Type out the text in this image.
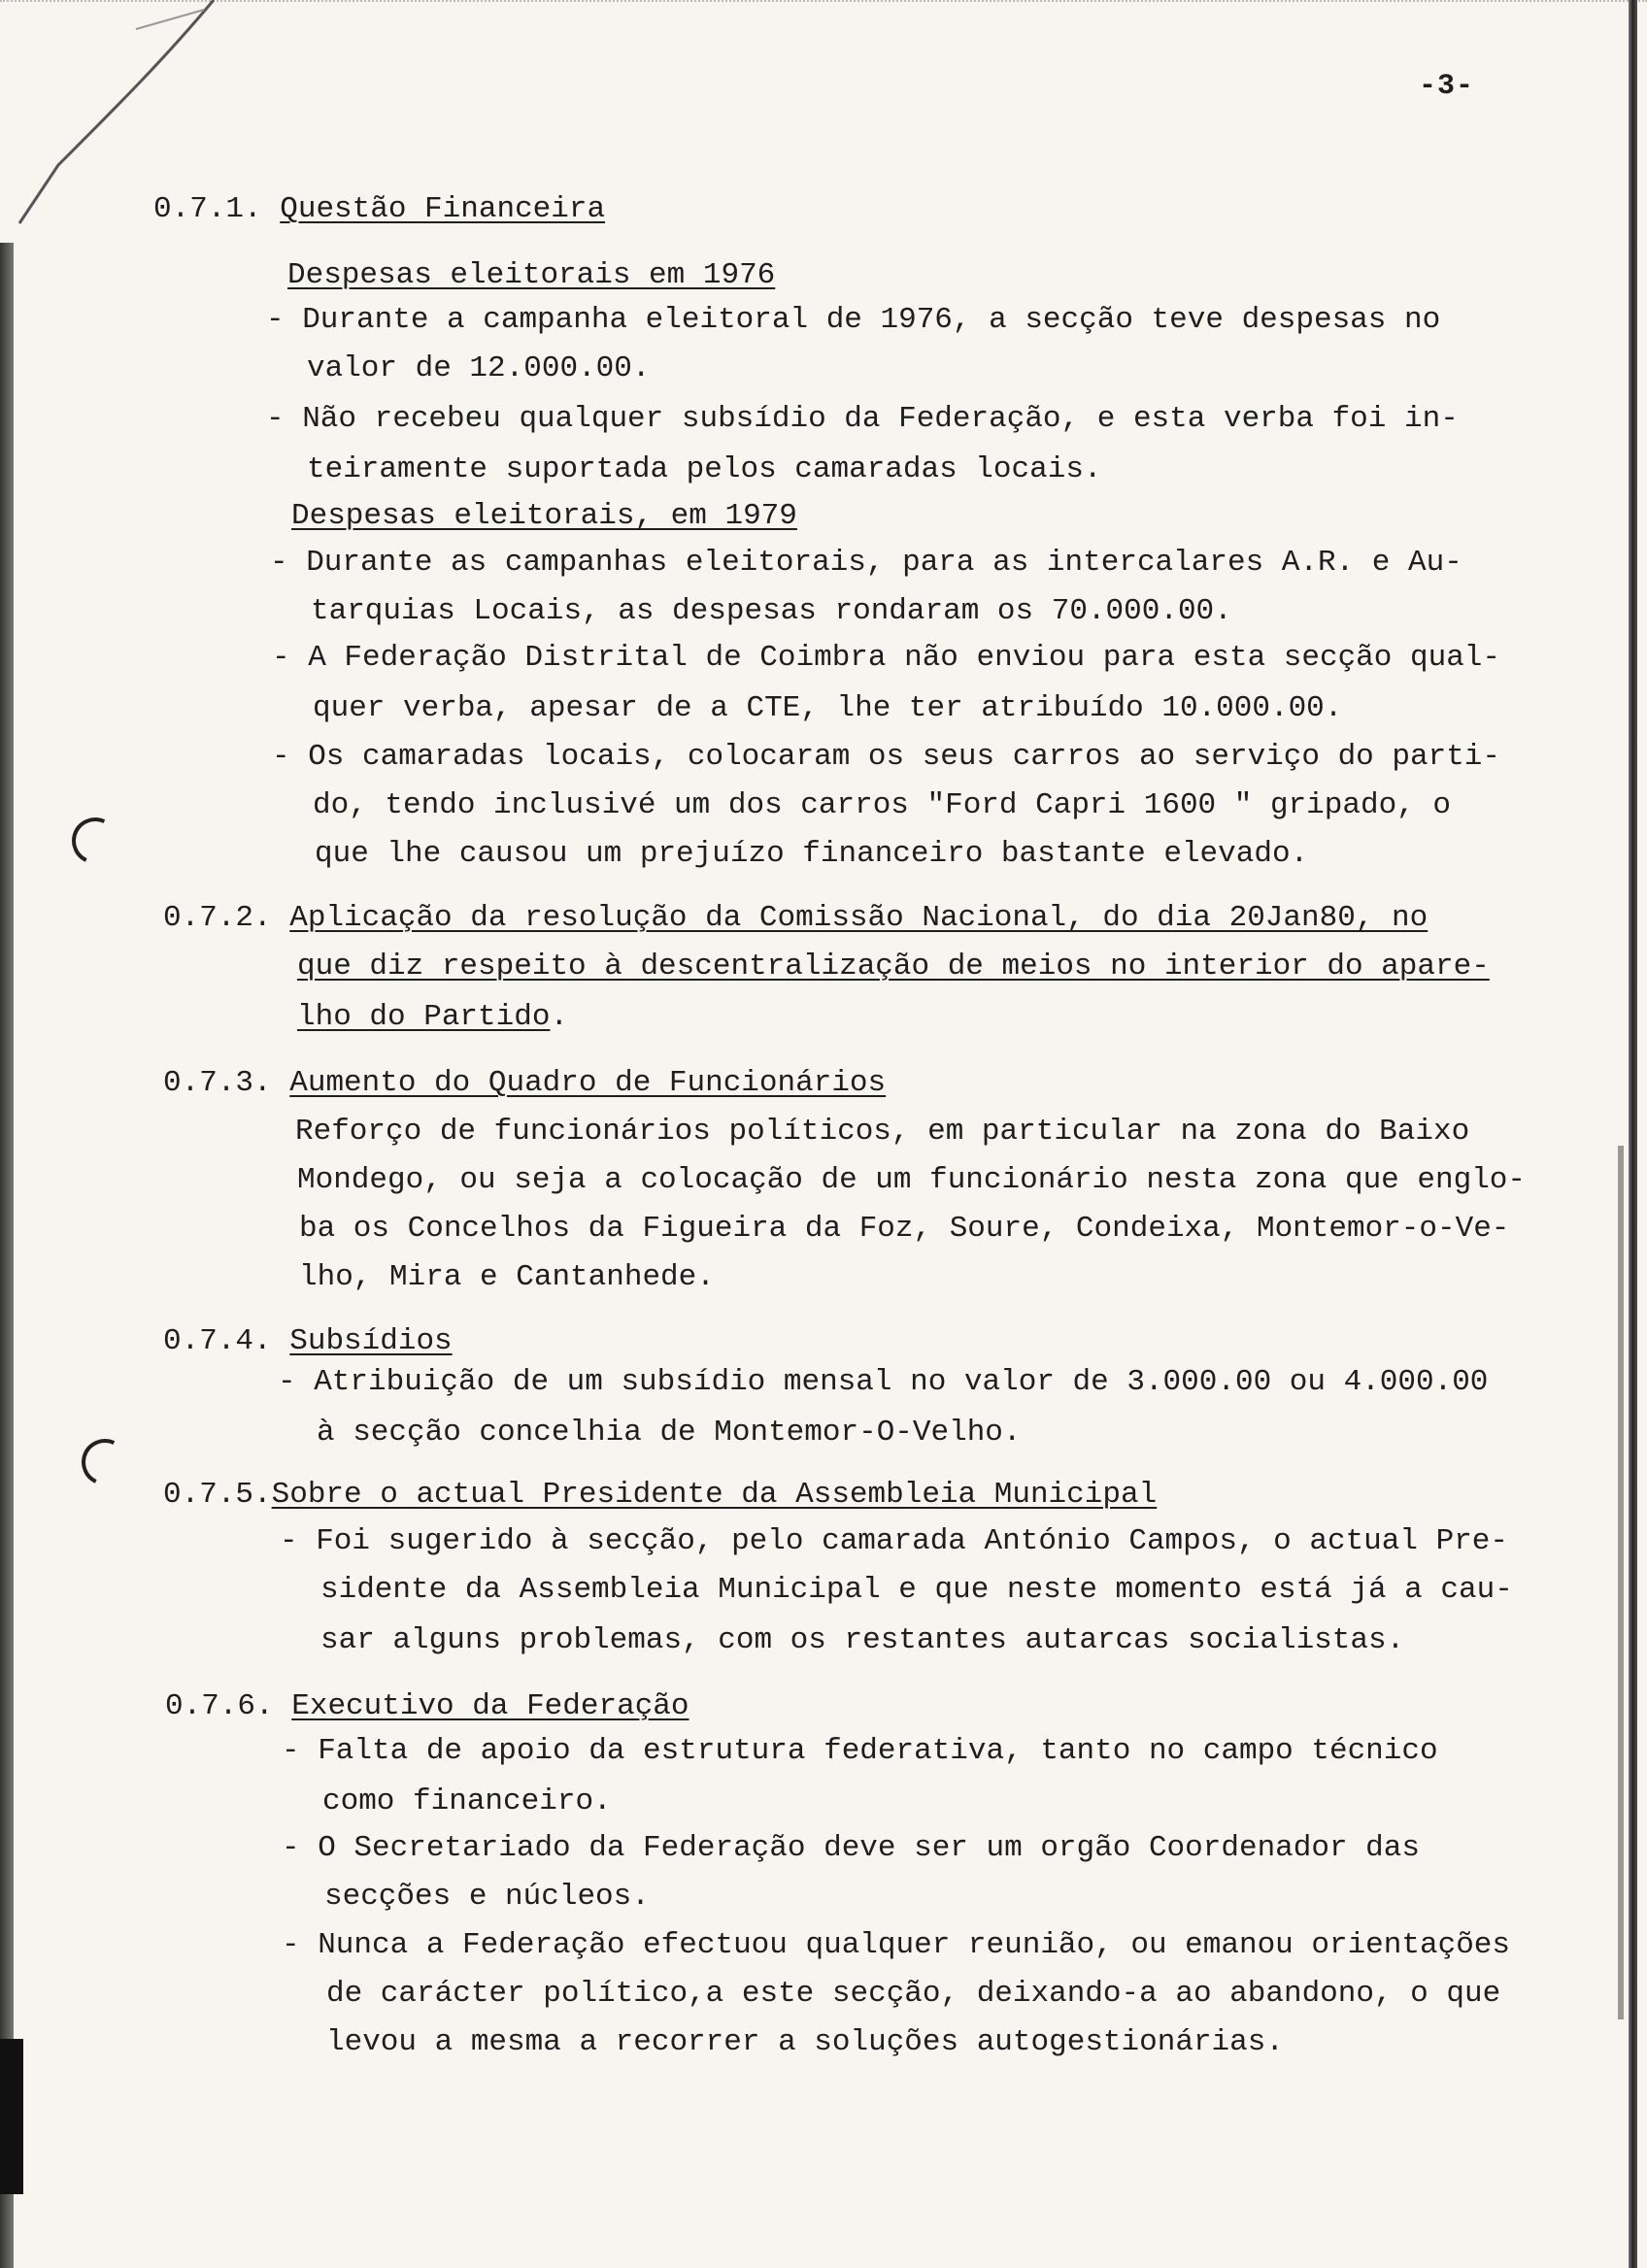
-3-
0.7.1. Questão Financeira
Despesas eleitorais em 1976
- Durante a campanha eleitoral de 1976, a secção teve despesas no
valor de 12.000.00.
- Não recebeu qualquer subsídio da Federação, e esta verba foi in-
teiramente suportada pelos camaradas locais.
Despesas eleitorais, em 1979
- Durante as campanhas eleitorais, para as intercalares A.R. e Au-
tarquias Locais, as despesas rondaram os 70.000.00.
- A Federação Distrital de Coimbra não enviou para esta secção qual-
quer verba, apesar de a CTE, lhe ter atribuído 10.000.00.
- Os camaradas locais, colocaram os seus carros ao serviço do parti-
do, tendo inclusivé um dos carros "Ford Capri 1600 " gripado, o
que lhe causou um prejuízo financeiro bastante elevado.
0.7.2. Aplicação da resolução da Comissão Nacional, do dia 20Jan80, no
que diz respeito à descentralização de meios no interior do apare-
lho do Partido.
0.7.3. Aumento do Quadro de Funcionários
Reforço de funcionários políticos, em particular na zona do Baixo
Mondego, ou seja a colocação de um funcionário nesta zona que englo-
ba os Concelhos da Figueira da Foz, Soure, Condeixa, Montemor-o-Ve-
lho, Mira e Cantanhede.
0.7.4. Subsídios
- Atribuição de um subsídio mensal no valor de 3.000.00 ou 4.000.00
à secção concelhia de Montemor-O-Velho.
0.7.5.Sobre o actual Presidente da Assembleia Municipal
- Foi sugerido à secção, pelo camarada António Campos, o actual Pre-
sidente da Assembleia Municipal e que neste momento está já a cau-
sar alguns problemas, com os restantes autarcas socialistas.
0.7.6. Executivo da Federação
- Falta de apoio da estrutura federativa, tanto no campo técnico
como financeiro.
- O Secretariado da Federação deve ser um orgão Coordenador das
secções e núcleos.
- Nunca a Federação efectuou qualquer reunião, ou emanou orientações
de carácter político,a este secção, deixando-a ao abandono, o que
levou a mesma a recorrer a soluções autogestionárias.
